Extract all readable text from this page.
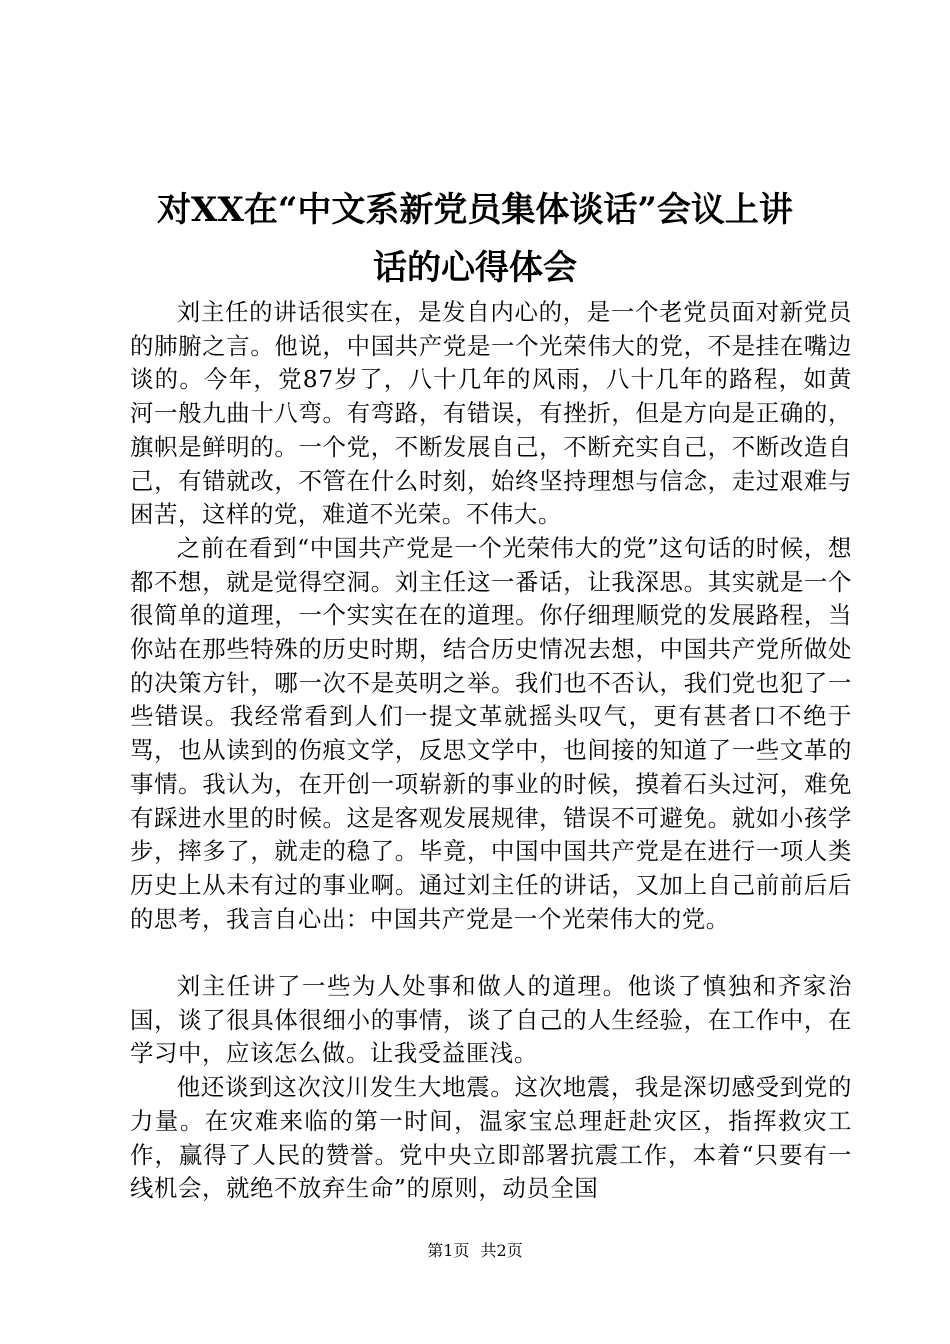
对XX在“中文系新党员集体谈话”会议上讲
话的心得体会

刘主任的讲话很实在，是发自内心的，是一个老党员面对新党员的肺腑之言。他说，中国共产党是一个光荣伟大的党，不是挂在嘴边谈的。今年，党87岁了，八十几年的风雨，八十几年的路程，如黄河一般九曲十八弯。有弯路，有错误，有挫折，但是方向是正确的，旗帜是鲜明的。一个党，不断发展自己，不断充实自己，不断改造自己，有错就改，不管在什么时刻，始终坚持理想与信念，走过艰难与困苦，这样的党，难道不光荣。不伟大。

之前在看到“中国共产党是一个光荣伟大的党”这句话的时候，想都不想，就是觉得空洞。刘主任这一番话，让我深思。其实就是一个很简单的道理，一个实实在在的道理。你仔细理顺党的发展路程，当你站在那些特殊的历史时期，结合历史情况去想，中国共产党所做处的决策方针，哪一次不是英明之举。我们也不否认，我们党也犯了一些错误。我经常看到人们一提文革就摇头叹气，更有甚者口不绝于骂，也从读到的伤痕文学，反思文学中，也间接的知道了一些文革的事情。我认为，在开创一项崭新的事业的时候，摸着石头过河，难免有踩进水里的时候。这是客观发展规律，错误不可避免。就如小孩学步，摔多了，就走的稳了。毕竟，中国中国共产党是在进行一项人类历史上从未有过的事业啊。通过刘主任的讲话，又加上自己前前后后的思考，我言自心出：中国共产党是一个光荣伟大的党。

刘主任讲了一些为人处事和做人的道理。他谈了慎独和齐家治国，谈了很具体很细小的事情，谈了自己的人生经验，在工作中，在学习中，应该怎么做。让我受益匪浅。

他还谈到这次汶川发生大地震。这次地震，我是深切感受到党的力量。在灾难来临的第一时间，温家宝总理赶赴灾区，指挥救灾工作，赢得了人民的赞誉。党中央立即部署抗震工作，本着“只要有一线机会，就绝不放弃生命”的原则，动员全国

第1页 共2页
